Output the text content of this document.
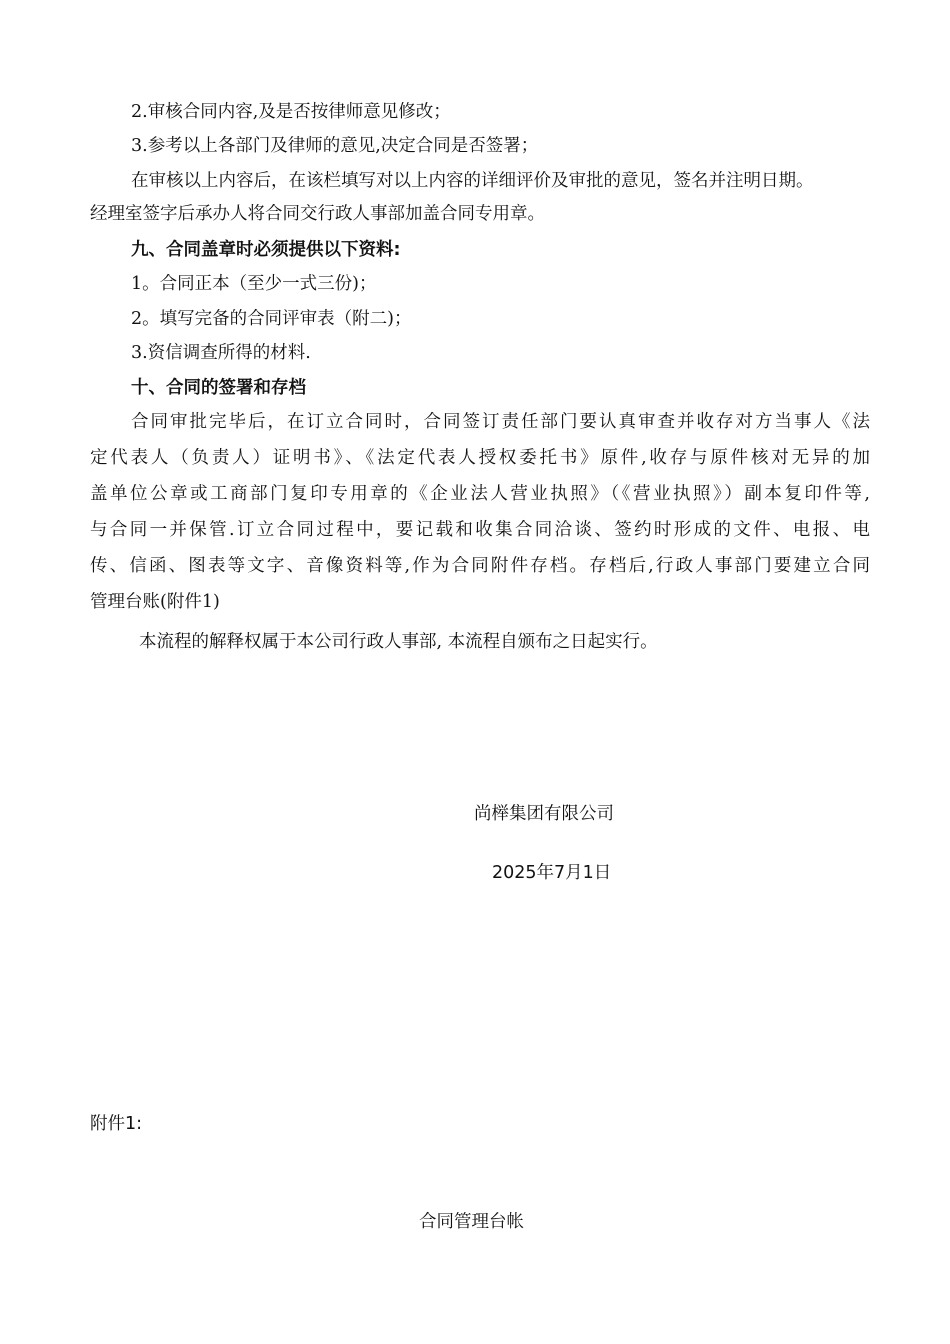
2.审核合同内容,及是否按律师意见修改；
3.参考以上各部门及律师的意见,决定合同是否签署；
在审核以上内容后，在该栏填写对以上内容的详细评价及审批的意见，签名并注明日期。
经理室签字后承办人将合同交行政人事部加盖合同专用章。
九、合同盖章时必须提供以下资料:
1。合同正本（至少一式三份)；
2。填写完备的合同评审表（附二)；
3.资信调查所得的材料.
十、合同的签署和存档
合同审批完毕后，在订立合同时，合同签订责任部门要认真审查并收存对方当事人《法
定代表人（负责人）证明书》、《法定代表人授权委托书》原件,收存与原件核对无异的加
盖单位公章或工商部门复印专用章的《企业法人营业执照》（《营业执照》）副本复印件等,
与合同一并保管.订立合同过程中，要记载和收集合同洽谈、签约时形成的文件、电报、电
传、信函、图表等文字、音像资料等,作为合同附件存档。存档后,行政人事部门要建立合同
管理台账(附件1)
本流程的解释权属于本公司行政人事部, 本流程自颁布之日起实行。
尚榉集团有限公司
2025年7月1日
附件1:
合同管理台帐
